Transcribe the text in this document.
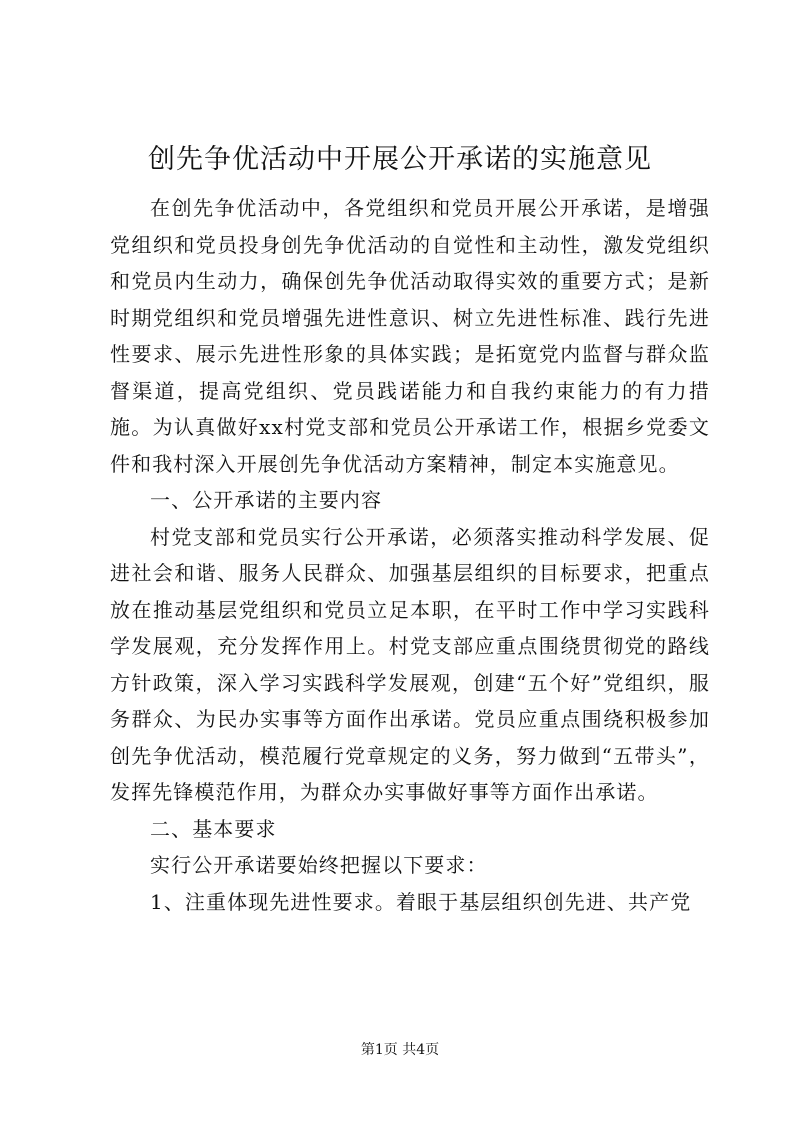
创先争优活动中开展公开承诺的实施意见

在创先争优活动中，各党组织和党员开展公开承诺，是增强党组织和党员投身创先争优活动的自觉性和主动性，激发党组织和党员内生动力，确保创先争优活动取得实效的重要方式；是新时期党组织和党员增强先进性意识、树立先进性标准、践行先进性要求、展示先进性形象的具体实践；是拓宽党内监督与群众监督渠道，提高党组织、党员践诺能力和自我约束能力的有力措施。为认真做好xx村党支部和党员公开承诺工作，根据乡党委文件和我村深入开展创先争优活动方案精神，制定本实施意见。

一、公开承诺的主要内容

村党支部和党员实行公开承诺，必须落实推动科学发展、促进社会和谐、服务人民群众、加强基层组织的目标要求，把重点放在推动基层党组织和党员立足本职，在平时工作中学习实践科学发展观，充分发挥作用上。村党支部应重点围绕贯彻党的路线方针政策，深入学习实践科学发展观，创建“五个好”党组织，服务群众、为民办实事等方面作出承诺。党员应重点围绕积极参加创先争优活动，模范履行党章规定的义务，努力做到“五带头”，发挥先锋模范作用，为群众办实事做好事等方面作出承诺。

二、基本要求

实行公开承诺要始终把握以下要求：

1、注重体现先进性要求。着眼于基层组织创先进、共产党

第1页 共4页
